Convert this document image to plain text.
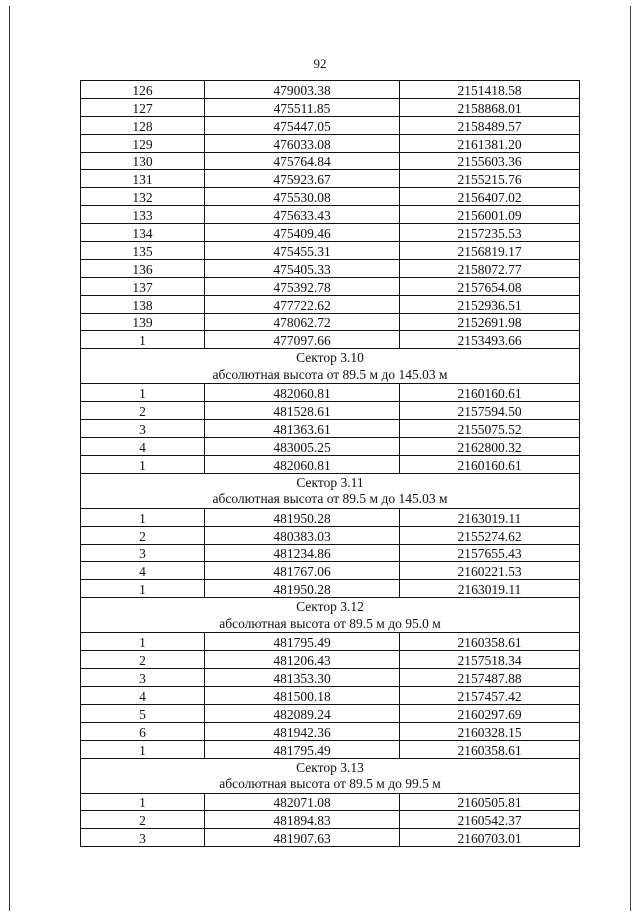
92
126	479003.38	2151418.58
127	475511.85	2158868.01
128	475447.05	2158489.57
129	476033.08	2161381.20
130	475764.84	2155603.36
131	475923.67	2155215.76
132	475530.08	2156407.02
133	475633.43	2156001.09
134	475409.46	2157235.53
135	475455.31	2156819.17
136	475405.33	2158072.77
137	475392.78	2157654.08
138	477722.62	2152936.51
139	478062.72	2152691.98
1	477097.66	2153493.66

Сектор 3.10
абсолютная высота от 89.5 м до 145.03 м		

1	482060.81	2160160.61
2	481528.61	2157594.50
3	481363.61	2155075.52
4	483005.25	2162800.32
1	482060.81	2160160.61

Сектор 3.11
абсолютная высота от 89.5 м до 145.03 м		

1	481950.28	2163019.11
2	480383.03	2155274.62
3	481234.86	2157655.43
4	481767.06	2160221.53
1	481950.28	2163019.11

Сектор 3.12
абсолютная высота от 89.5 м до 95.0 м		

1	481795.49	2160358.61
2	481206.43	2157518.34
3	481353.30	2157487.88
4	481500.18	2157457.42
5	482089.24	2160297.69
6	481942.36	2160328.15
1	481795.49	2160358.61

Сектор 3.13
абсолютная высота от 89.5 м до 99.5 м		

1	482071.08	2160505.81
2	481894.83	2160542.37
3	481907.63	2160703.01
